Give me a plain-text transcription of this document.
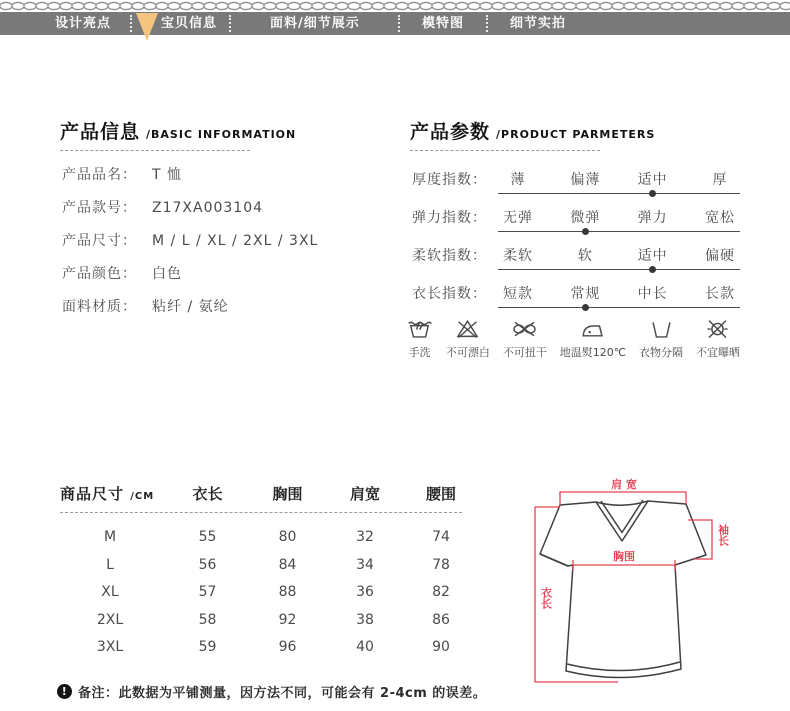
设计亮点	宝贝信息	面料/细节展示	模特图	细节实拍
产品信息 /BASIC INFORMATION
产品品名： T 恤
产品款号： Z17XA003104
产品尺寸： M / L / XL / 2XL / 3XL
产品颜色： 白色
面料材质： 粘纤 / 氨纶
产品参数 /PRODUCT PARMETERS
厚度指数：	薄	偏薄	适中	厚
弹力指数：	无弹	微弹	弹力	宽松
柔软指数：	柔软	软	适中	偏硬
衣长指数：	短款	常规	中长	长款
手洗 不可漂白 不可扭干 地温熨120℃ 衣物分隔 不宜曝晒
商品尺寸 /CM	衣长	胸围	肩宽	腰围
M	55	80	32	74
L	56	84	34	78
XL	57	88	36	82
2XL	58	92	38	86
3XL	59	96	40	90
! 备注：此数据为平铺测量，因方法不同，可能会有 2-4cm 的误差。
肩 宽
胸围
衣长
袖长
